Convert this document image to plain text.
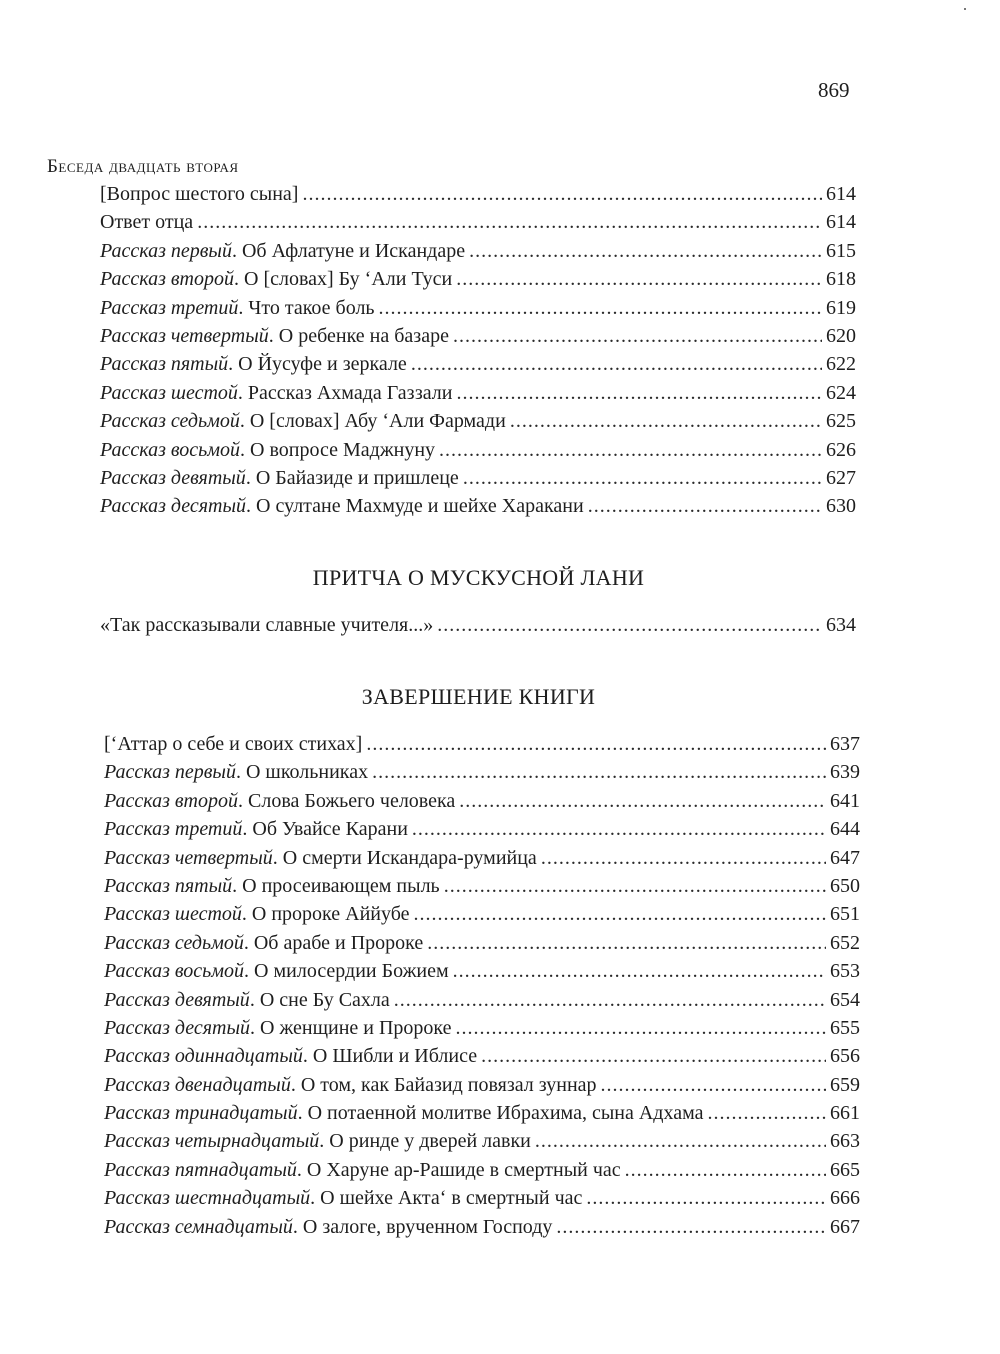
869
Беседа двадцать вторая
[Вопрос шестого сына] .....	614
Ответ отца .....	614
Рассказ первый. Об Афлатуне и Искандаре .....	615
Рассказ второй. О [словах] Бу ‘Али Туси .....	618
Рассказ третий. Что такое боль .....	619
Рассказ четвертый. О ребенке на базаре .....	620
Рассказ пятый. О Йусуфе и зеркале .....	622
Рассказ шестой. Рассказ Ахмада Газзали .....	624
Рассказ седьмой. О [словах] Абу ‘Али Фармади .....	625
Рассказ восьмой. О вопросе Маджнуну .....	626
Рассказ девятый. О Байазиде и пришлеце .....	627
Рассказ десятый. О султане Махмуде и шейхе Харакани .....	630
ПРИТЧА О МУСКУСНОЙ ЛАНИ
«Так рассказывали славные учителя...» .....	634
ЗАВЕРШЕНИЕ КНИГИ
[‘Аттар о себе и своих стихах] .....	637
Рассказ первый. О школьниках .....	639
Рассказ второй. Слова Божьего человека .....	641
Рассказ третий. Об Увайсе Карани .....	644
Рассказ четвертый. О смерти Искандара-румийца .....	647
Рассказ пятый. О просеивающем пыль .....	650
Рассказ шестой. О пророке Аййубе .....	651
Рассказ седьмой. Об арабе и Пророке .....	652
Рассказ восьмой. О милосердии Божием .....	653
Рассказ девятый. О сне Бу Сахла .....	654
Рассказ десятый. О женщине и Пророке .....	655
Рассказ одиннадцатый. О Шибли и Иблисе .....	656
Рассказ двенадцатый. О том, как Байазид повязал зуннар .....	659
Рассказ тринадцатый. О потаенной молитве Ибрахима, сына Адхама .....	661
Рассказ четырнадцатый. О ринде у дверей лавки .....	663
Рассказ пятнадцатый. О Харуне ар-Рашиде в смертный час .....	665
Рассказ шестнадцатый. О шейхе Акта‘ в смертный час .....	666
Рассказ семнадцатый. О залоге, врученном Господу .....	667
